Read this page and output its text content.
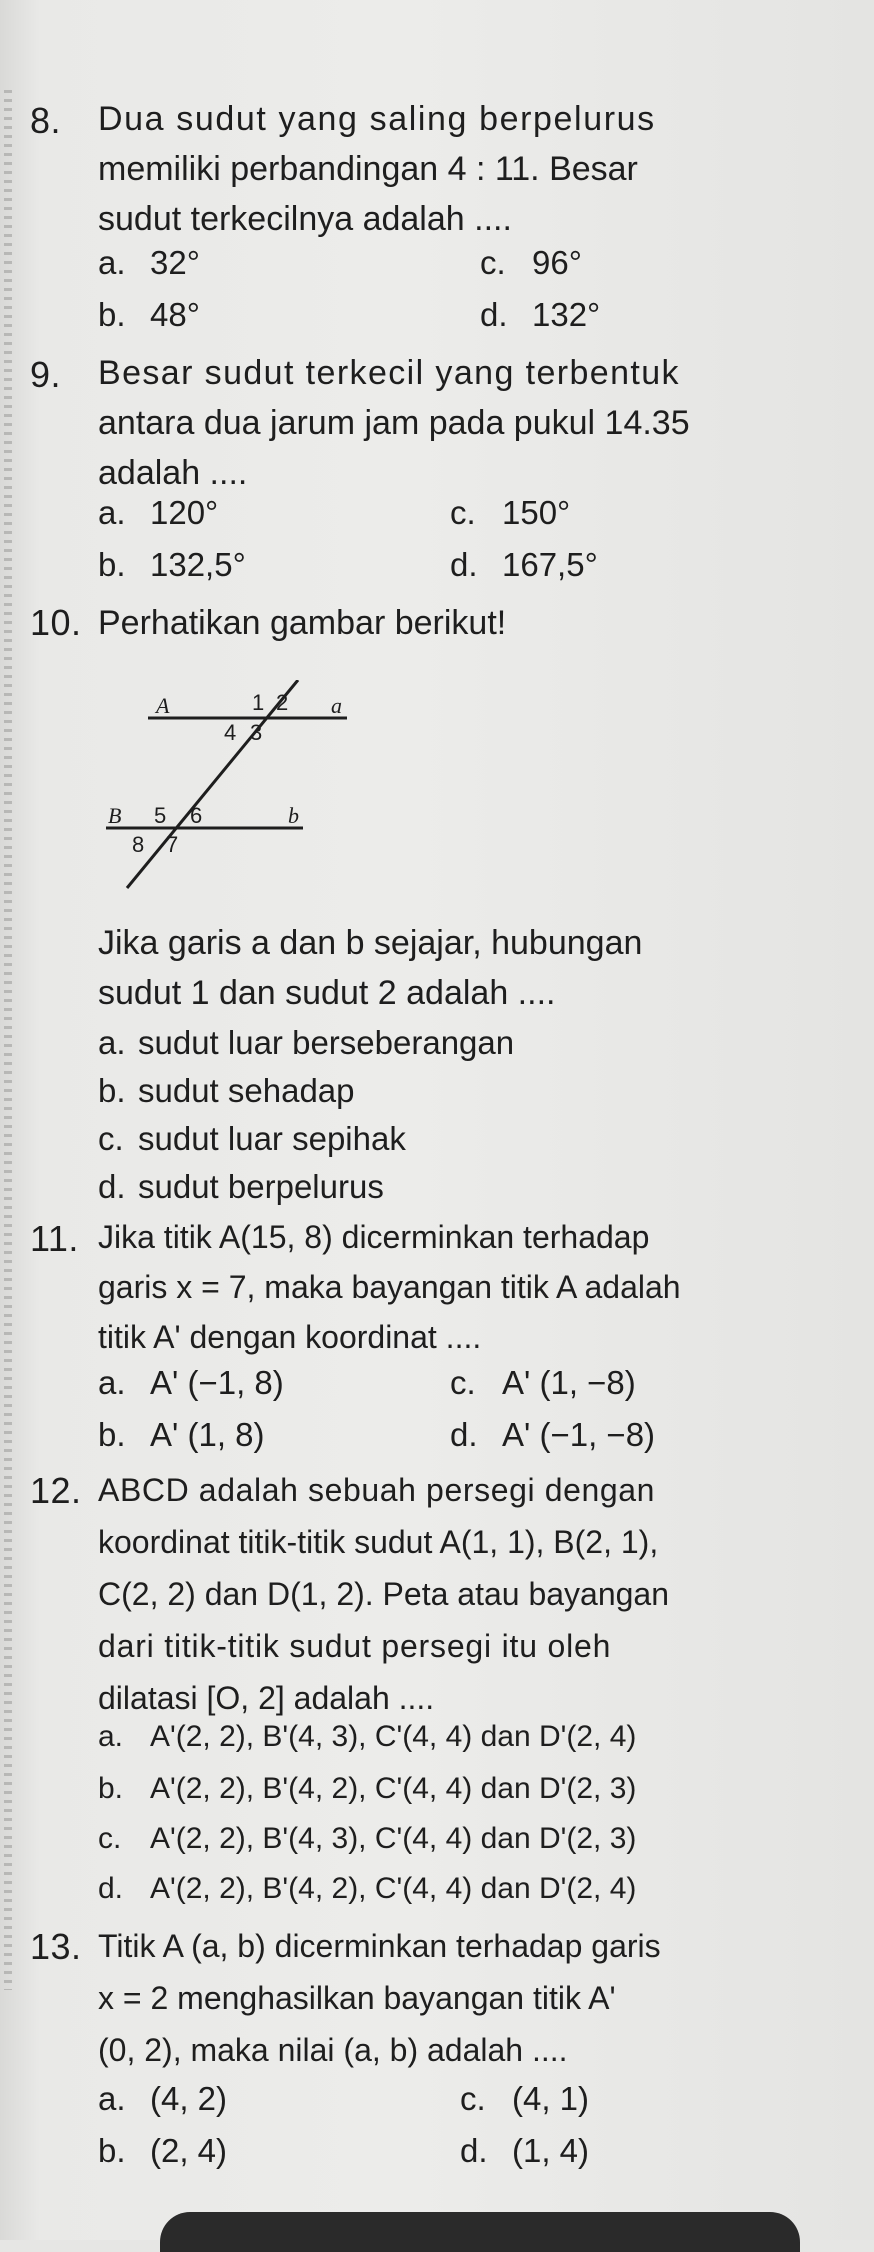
8. Dua sudut yang saling berpelurus

memiliki perbandingan 4 : 11. Besar

sudut terkecilnya adalah ....

a. 32°	c. 96°
b. 48°	d. 132°
9. Besar sudut terkecil yang terbentuk

antara dua jarum jam pada pukul 14.35

adalah ....

a. 120°	c. 150°
b. 132,5°	d. 167,5°
10. Perhatikan gambar berikut!

A	a
B	b
1 2
4 3
5 6
8 7

Jika garis a dan b sejajar, hubungan

sudut 1 dan sudut 2 adalah ....

a. sudut luar berseberangan
b. sudut sehadap
c. sudut luar sepihak
d. sudut berpelurus
11. Jika titik A(15, 8) dicerminkan terhadap

garis x = 7, maka bayangan titik A adalah

titik A' dengan koordinat ....

a. A' (−1, 8)	c. A' (1, −8)
b. A' (1, 8)	d. A' (−1, −8)
12. ABCD adalah sebuah persegi dengan

koordinat titik-titik sudut A(1, 1), B(2, 1),

C(2, 2) dan D(1, 2). Peta atau bayangan

dari titik-titik sudut persegi itu oleh

dilatasi [O, 2] adalah ....

a. A'(2, 2), B'(4, 3), C'(4, 4) dan D'(2, 4)
b. A'(2, 2), B'(4, 2), C'(4, 4) dan D'(2, 3)
c. A'(2, 2), B'(4, 3), C'(4, 4) dan D'(2, 3)
d. A'(2, 2), B'(4, 2), C'(4, 4) dan D'(2, 4)
13. Titik A (a, b) dicerminkan terhadap garis

x = 2 menghasilkan bayangan titik A'

(0, 2), maka nilai (a, b) adalah ....

a. (4, 2)	c. (4, 1)
b. (2, 4)	d. (1, 4)
